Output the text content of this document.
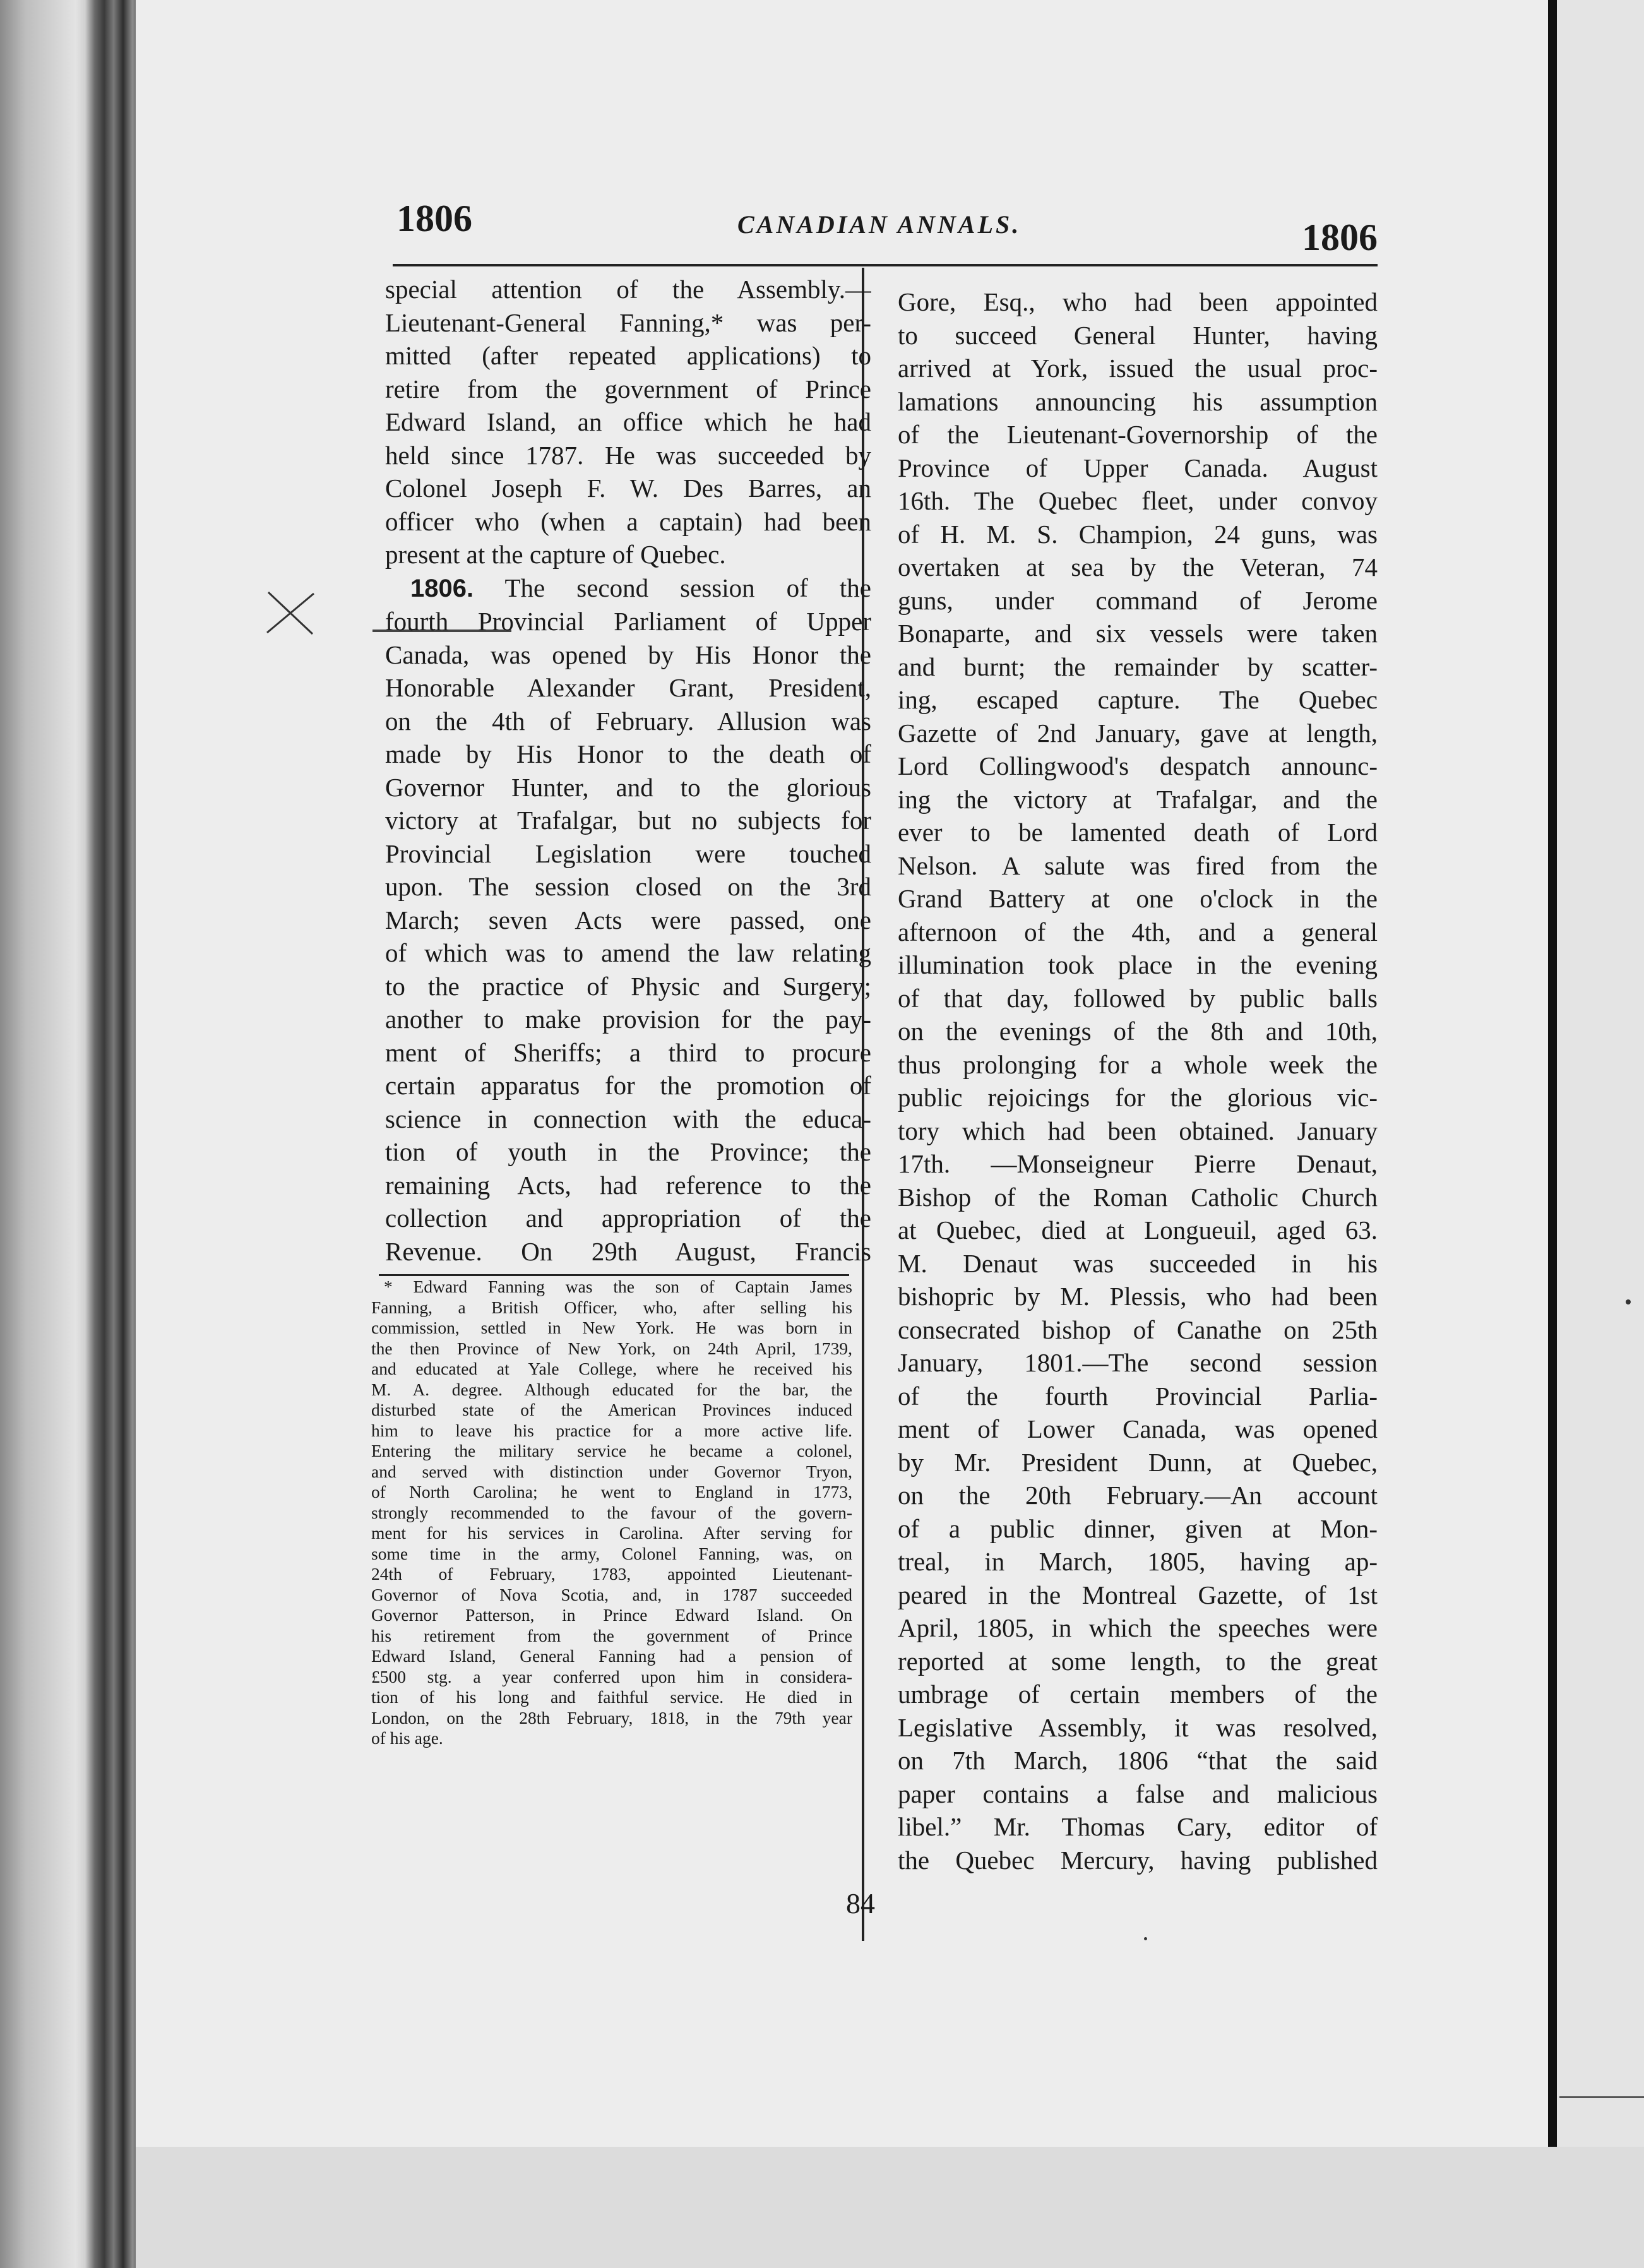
1806	CANADIAN ANNALS.	1806
special attention of the Assembly.—
Lieutenant-General Fanning,* was per-
mitted (after repeated applications) to
retire from the government of Prince
Edward Island, an office which he had
held since 1787. He was succeeded by
Colonel Joseph F. W. Des Barres, an
officer who (when a captain) had been
present at the capture of Quebec.
1806. The second session of the
fourth Provincial Parliament of Upper
Canada, was opened by His Honor the
Honorable Alexander Grant, President,
on the 4th of February. Allusion was
made by His Honor to the death of
Governor Hunter, and to the glorious
victory at Trafalgar, but no subjects for
Provincial Legislation were touched
upon. The session closed on the 3rd
March; seven Acts were passed, one
of which was to amend the law relating
to the practice of Physic and Surgery;
another to make provision for the pay-
ment of Sheriffs; a third to procure
certain apparatus for the promotion of
science in connection with the educa-
tion of youth in the Province; the
remaining Acts, had reference to the
collection and appropriation of the
Revenue. On 29th August, Francis
* Edward Fanning was the son of Captain James
Fanning, a British Officer, who, after selling his
commission, settled in New York. He was born in
the then Province of New York, on 24th April, 1739,
and educated at Yale College, where he received his
M. A. degree. Although educated for the bar, the
disturbed state of the American Provinces induced
him to leave his practice for a more active life.
Entering the military service he became a colonel,
and served with distinction under Governor Tryon,
of North Carolina; he went to England in 1773,
strongly recommended to the favour of the govern-
ment for his services in Carolina. After serving for
some time in the army, Colonel Fanning, was, on
24th of February, 1783, appointed Lieutenant-
Governor of Nova Scotia, and, in 1787 succeeded
Governor Patterson, in Prince Edward Island. On
his retirement from the government of Prince
Edward Island, General Fanning had a pension of
£500 stg. a year conferred upon him in considera-
tion of his long and faithful service. He died in
London, on the 28th February, 1818, in the 79th year
of his age.
Gore, Esq., who had been appointed
to succeed General Hunter, having
arrived at York, issued the usual proc-
lamations announcing his assumption
of the Lieutenant-Governorship of the
Province of Upper Canada. August
16th. The Quebec fleet, under convoy
of H. M. S. Champion, 24 guns, was
overtaken at sea by the Veteran, 74
guns, under command of Jerome
Bonaparte, and six vessels were taken
and burnt; the remainder by scatter-
ing, escaped capture. The Quebec
Gazette of 2nd January, gave at length,
Lord Collingwood's despatch announc-
ing the victory at Trafalgar, and the
ever to be lamented death of Lord
Nelson. A salute was fired from the
Grand Battery at one o'clock in the
afternoon of the 4th, and a general
illumination took place in the evening
of that day, followed by public balls
on the evenings of the 8th and 10th,
thus prolonging for a whole week the
public rejoicings for the glorious vic-
tory which had been obtained. January
17th. —Monseigneur Pierre Denaut,
Bishop of the Roman Catholic Church
at Quebec, died at Longueuil, aged 63.
M. Denaut was succeeded in his
bishopric by M. Plessis, who had been
consecrated bishop of Canathe on 25th
January, 1801.—The second session
of the fourth Provincial Parlia-
ment of Lower Canada, was opened
by Mr. President Dunn, at Quebec,
on the 20th February.—An account
of a public dinner, given at Mon-
treal, in March, 1805, having ap-
peared in the Montreal Gazette, of 1st
April, 1805, in which the speeches were
reported at some length, to the great
umbrage of certain members of the
Legislative Assembly, it was resolved,
on 7th March, 1806 “that the said
paper contains a false and malicious
libel.” Mr. Thomas Cary, editor of
the Quebec Mercury, having published
84
